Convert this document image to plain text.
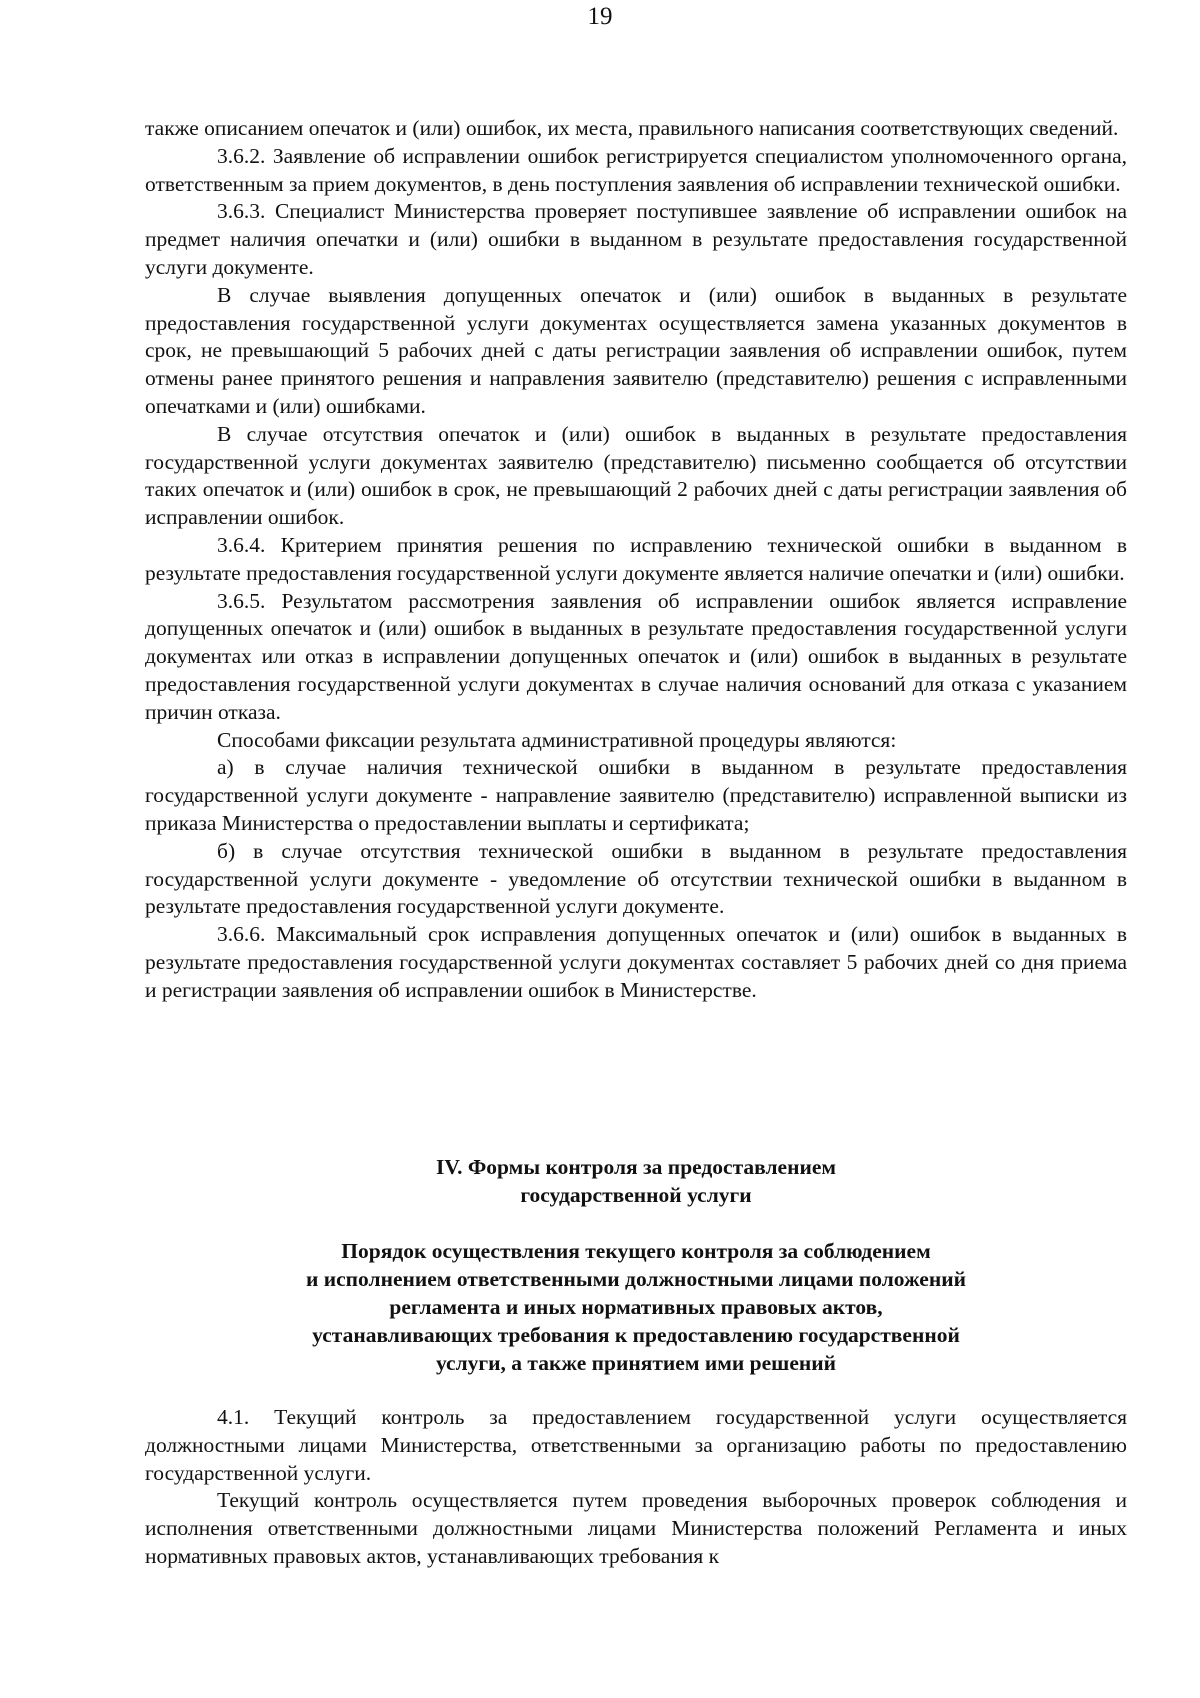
19

также описанием опечаток и (или) ошибок, их места, правильного написания соответствующих сведений.

3.6.2. Заявление об исправлении ошибок регистрируется специалистом уполномоченного органа, ответственным за прием документов, в день поступления заявления об исправлении технической ошибки.

3.6.3. Специалист Министерства проверяет поступившее заявление об исправлении ошибок на предмет наличия опечатки и (или) ошибки в выданном в результате предоставления государственной услуги документе.

В случае выявления допущенных опечаток и (или) ошибок в выданных в результате предоставления государственной услуги документах осуществляется замена указанных документов в срок, не превышающий 5 рабочих дней с даты регистрации заявления об исправлении ошибок, путем отмены ранее принятого решения и направления заявителю (представителю) решения с исправленными опечатками и (или) ошибками.

В случае отсутствия опечаток и (или) ошибок в выданных в результате предоставления государственной услуги документах заявителю (представителю) письменно сообщается об отсутствии таких опечаток и (или) ошибок в срок, не превышающий 2 рабочих дней с даты регистрации заявления об исправлении ошибок.

3.6.4. Критерием принятия решения по исправлению технической ошибки в выданном в результате предоставления государственной услуги документе является наличие опечатки и (или) ошибки.

3.6.5. Результатом рассмотрения заявления об исправлении ошибок является исправление допущенных опечаток и (или) ошибок в выданных в результате предоставления государственной услуги документах или отказ в исправлении допущенных опечаток и (или) ошибок в выданных в результате предоставления государственной услуги документах в случае наличия оснований для отказа с указанием причин отказа.

Способами фиксации результата административной процедуры являются:

а) в случае наличия технической ошибки в выданном в результате предоставления государственной услуги документе - направление заявителю (представителю) исправленной выписки из приказа Министерства о предоставлении выплаты и сертификата;

б) в случае отсутствия технической ошибки в выданном в результате предоставления государственной услуги документе - уведомление об отсутствии технической ошибки в выданном в результате предоставления государственной услуги документе.

3.6.6. Максимальный срок исправления допущенных опечаток и (или) ошибок в выданных в результате предоставления государственной услуги документах составляет 5 рабочих дней со дня приема и регистрации заявления об исправлении ошибок в Министерстве.

IV. Формы контроля за предоставлением
государственной услуги
Порядок осуществления текущего контроля за соблюдением
и исполнением ответственными должностными лицами положений
регламента и иных нормативных правовых актов,
устанавливающих требования к предоставлению государственной
услуги, а также принятием ими решений

4.1. Текущий контроль за предоставлением государственной услуги осуществляется должностными лицами Министерства, ответственными за организацию работы по предоставлению государственной услуги.

Текущий контроль осуществляется путем проведения выборочных проверок соблюдения и исполнения ответственными должностными лицами Министерства положений Регламента и иных нормативных правовых актов, устанавливающих требования к
